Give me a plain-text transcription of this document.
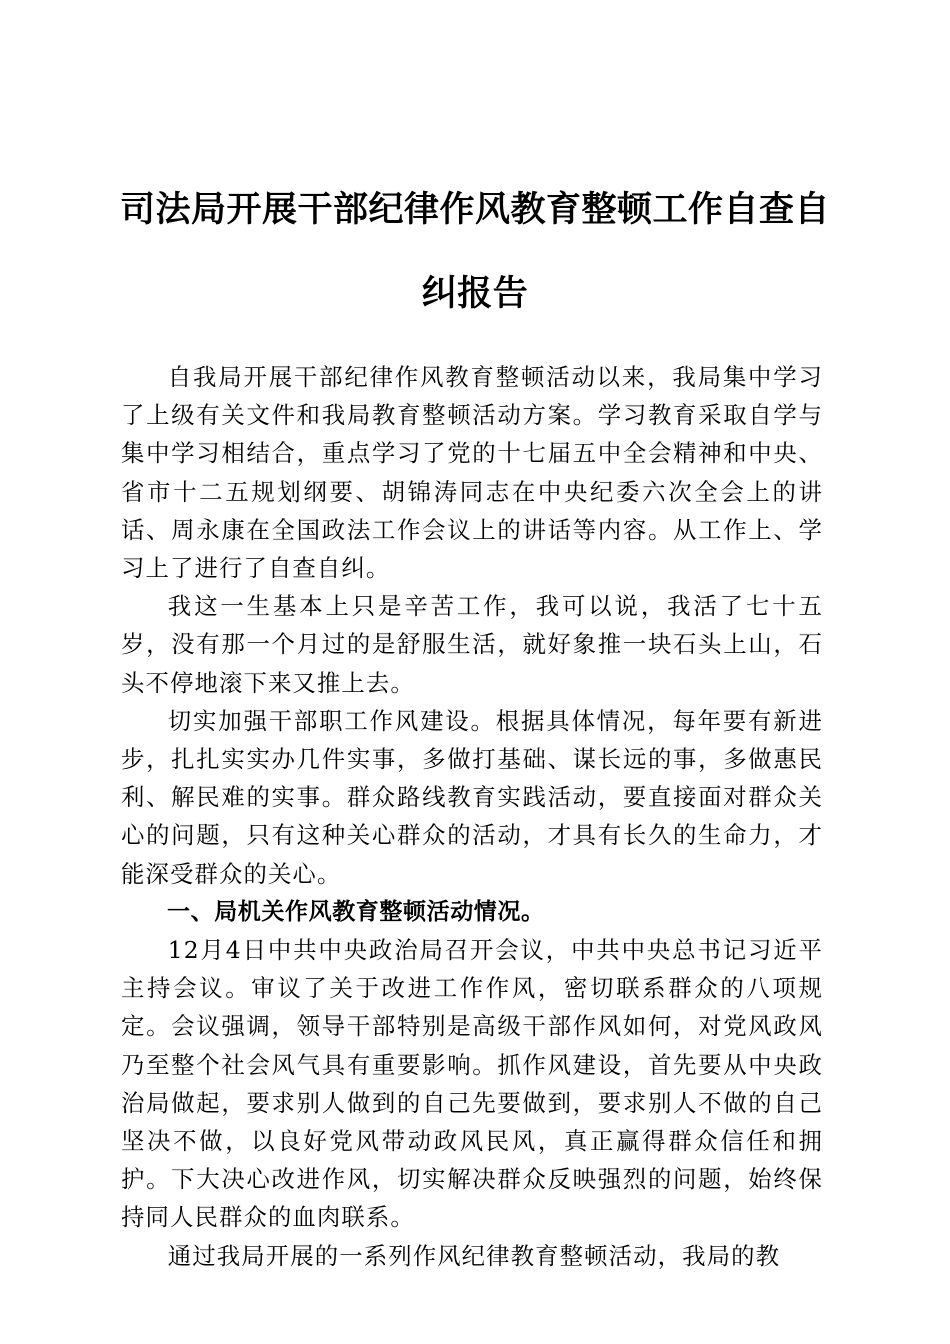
司法局开展干部纪律作风教育整顿工作自查自纠报告

自我局开展干部纪律作风教育整顿活动以来，我局集中学习了上级有关文件和我局教育整顿活动方案。学习教育采取自学与集中学习相结合，重点学习了党的十七届五中全会精神和中央、省市十二五规划纲要、胡锦涛同志在中央纪委六次全会上的讲话、周永康在全国政法工作会议上的讲话等内容。从工作上、学习上了进行了自查自纠。

我这一生基本上只是辛苦工作，我可以说，我活了七十五岁，没有那一个月过的是舒服生活，就好象推一块石头上山，石头不停地滚下来又推上去。

切实加强干部职工作风建设。根据具体情况，每年要有新进步，扎扎实实办几件实事，多做打基础、谋长远的事，多做惠民利、解民难的实事。群众路线教育实践活动，要直接面对群众关心的问题，只有这种关心群众的活动，才具有长久的生命力，才能深受群众的关心。

一、局机关作风教育整顿活动情况。

12月4日中共中央政治局召开会议，中共中央总书记习近平主持会议。审议了关于改进工作作风，密切联系群众的八项规定。会议强调，领导干部特别是高级干部作风如何，对党风政风乃至整个社会风气具有重要影响。抓作风建设，首先要从中央政治局做起，要求别人做到的自己先要做到，要求别人不做的自己坚决不做，以良好党风带动政风民风，真正赢得群众信任和拥护。下大决心改进作风，切实解决群众反映强烈的问题，始终保持同人民群众的血肉联系。

通过我局开展的一系列作风纪律教育整顿活动，我局的教
